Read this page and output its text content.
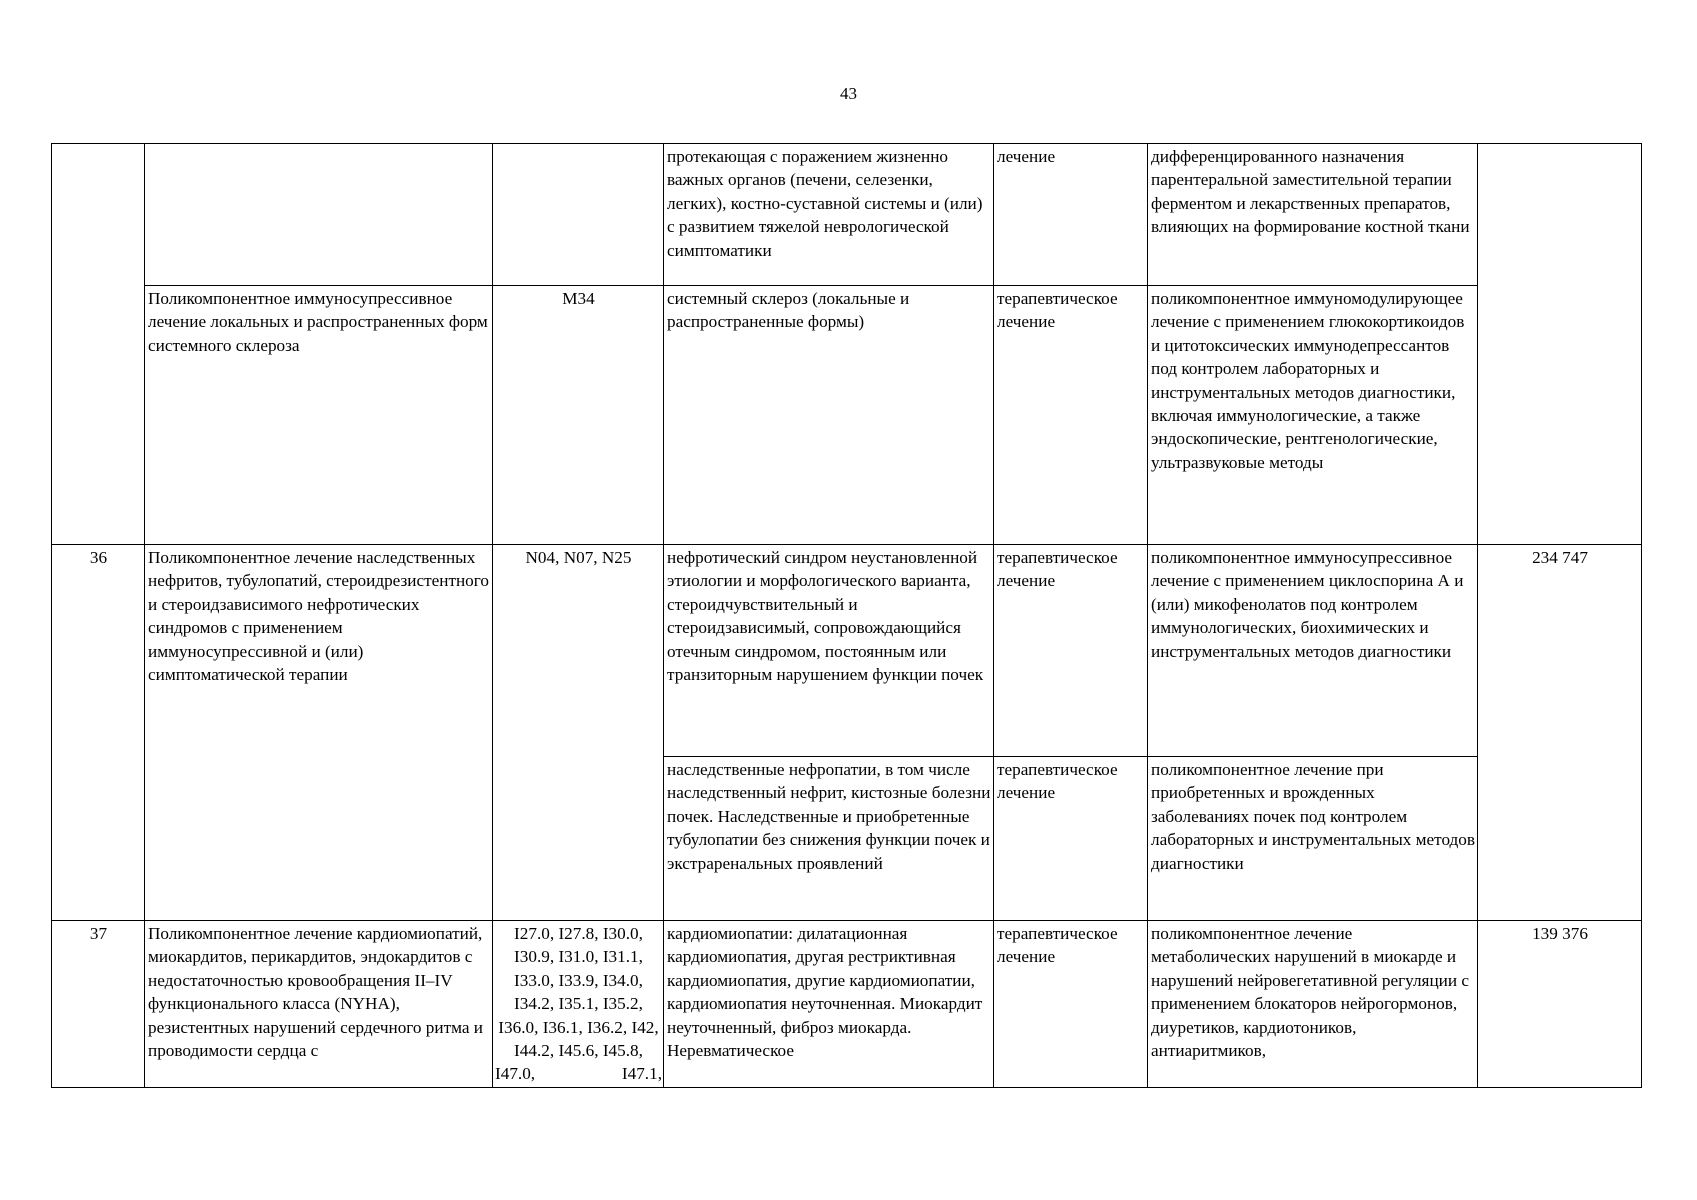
43
			протекающая с поражением жизненно важных органов (печени, селезенки, легких), костно-суставной системы и (или) с развитием тяжелой неврологической симптоматики	лечение	дифференцированного назначения парентеральной заместительной терапии ферментом и лекарственных препаратов, влияющих на формирование костной ткани	
	Поликомпонентное иммуносупрессивное лечение локальных и распространенных форм системного склероза	M34	системный склероз (локальные и распространенные формы)	терапевтическое лечение	поликомпонентное иммуномодулирующее лечение с применением глюкокортикоидов и цитотоксических иммунодепрессантов под контролем лабораторных и инструментальных методов диагностики, включая иммунологические, а также эндоскопические, рентгенологические, ультразвуковые методы	
36	Поликомпонентное лечение наследственных нефритов, тубулопатий, стероидрезистентного и стероидзависимого нефротических синдромов с применением иммуносупрессивной и (или) симптоматической терапии	N04, N07, N25	нефротический синдром неустановленной этиологии и морфологического варианта, стероидчувствительный и стероидзависимый, сопровождающийся отечным синдромом, постоянным или транзиторным нарушением функции почек	терапевтическое лечение	поликомпонентное иммуносупрессивное лечение с применением циклоспорина А и (или) микофенолатов под контролем иммунологических, биохимических и инструментальных методов диагностики	234 747
			наследственные нефропатии, в том числе наследственный нефрит, кистозные болезни почек. Наследственные и приобретенные тубулопатии без снижения функции почек и экстраренальных проявлений	терапевтическое лечение	поликомпонентное лечение при приобретенных и врожденных заболеваниях почек под контролем лабораторных и инструментальных методов диагностики	
37	Поликомпонентное лечение кардиомиопатий, миокардитов, перикардитов, эндокардитов с недостаточностью кровообращения II–IV функционального класса (NYHA), резистентных нарушений сердечного ритма и проводимости сердца с	I27.0, I27.8, I30.0, I30.9, I31.0, I31.1, I33.0, I33.9, I34.0, I34.2, I35.1, I35.2, I36.0, I36.1, I36.2, I42, I44.2, I45.6, I45.8, I47.0, I47.1,	кардиомиопатии: дилатационная кардиомиопатия, другая рестриктивная кардиомиопатия, другие кардиомиопатии, кардиомиопатия неуточненная. Миокардит неуточненный, фиброз миокарда. Неревматическое	терапевтическое лечение	поликомпонентное лечение метаболических нарушений в миокарде и нарушений нейровегетативной регуляции с применением блокаторов нейрогормонов, диуретиков, кардиотоников, антиаритмиков,	139 376
